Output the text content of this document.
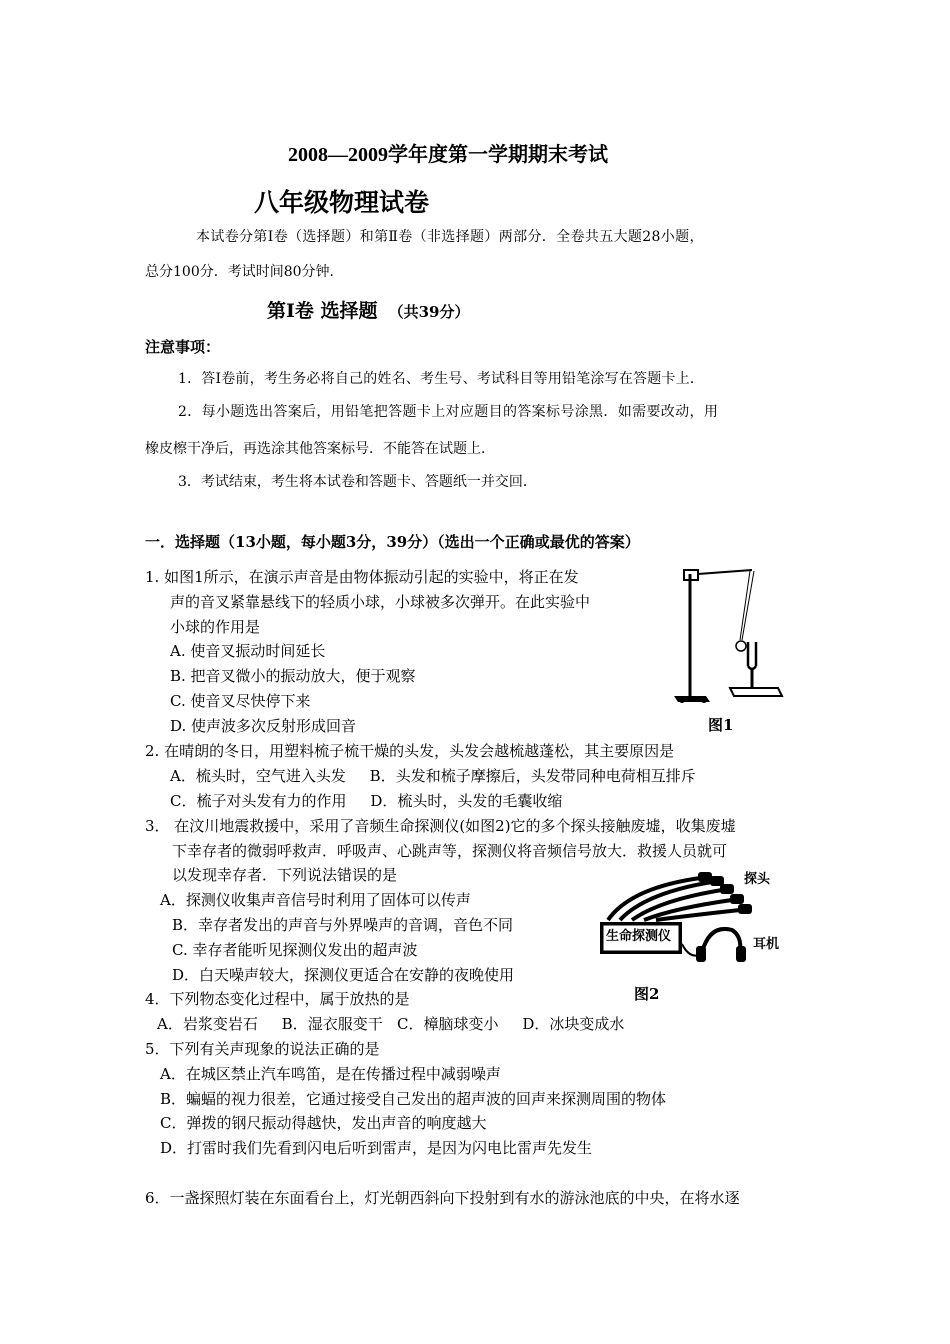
2008—2009学年度第一学期期末考试
八年级物理试卷
本试卷分第Ⅰ卷（选择题）和第Ⅱ卷（非选择题）两部分．全卷共五大题28小题，
总分100分．考试时间80分钟．
第Ⅰ卷 选择题 （共39分）
注意事项：
1．答Ⅰ卷前，考生务必将自己的姓名、考生号、考试科目等用铅笔涂写在答题卡上．
2．每小题选出答案后，用铅笔把答题卡上对应题目的答案标号涂黑．如需要改动，用
橡皮檫干净后，再选涂其他答案标号．不能答在试题上．
3．考试结束，考生将本试卷和答题卡、答题纸一并交回．
一．选择题（13小题，每小题3分，39分）（选出一个正确或最优的答案）
1. 如图1所示，在演示声音是由物体振动引起的实验中，将正在发
声的音叉紧靠悬线下的轻质小球，小球被多次弹开。在此实验中
小球的作用是
A. 使音叉振动时间延长
B. 把音叉微小的振动放大，便于观察
C. 使音叉尽快停下来
D. 使声波多次反射形成回音	图1
2. 在晴朗的冬日，用塑料梳子梳干燥的头发，头发会越梳越蓬松，其主要原因是
A．梳头时，空气进入头发     B．头发和梳子摩擦后，头发带同种电荷相互排斥
C．梳子对头发有力的作用     D．梳头时，头发的毛囊收缩
3． 在汶川地震救援中，采用了音频生命探测仪(如图2)它的多个探头接触废墟，收集废墟
下幸存者的微弱呼救声．呼吸声、心跳声等，探测仪将音频信号放大．救援人员就可
以发现幸存者．下列说法错误的是
A．探测仪收集声音信号时利用了固体可以传声
B．幸存者发出的声音与外界噪声的音调，音色不同
C. 幸存者能听见探测仪发出的超声波
D．白天噪声较大，探测仪更适合在安静的夜晚使用
探头
生命探测仪
耳机
图2
4．下列物态变化过程中，属于放热的是
A．岩浆变岩石     B．湿衣服变干   C．樟脑球变小     D．冰块变成水
5．下列有关声现象的说法正确的是
A．在城区禁止汽车鸣笛，是在传播过程中减弱噪声
B．蝙蝠的视力很差，它通过接受自己发出的超声波的回声来探测周围的物体
C．弹拨的钢尺振动得越快，发出声音的响度越大
D．打雷时我们先看到闪电后听到雷声，是因为闪电比雷声先发生
6．一盏探照灯装在东面看台上，灯光朝西斜向下投射到有水的游泳池底的中央，在将水逐
